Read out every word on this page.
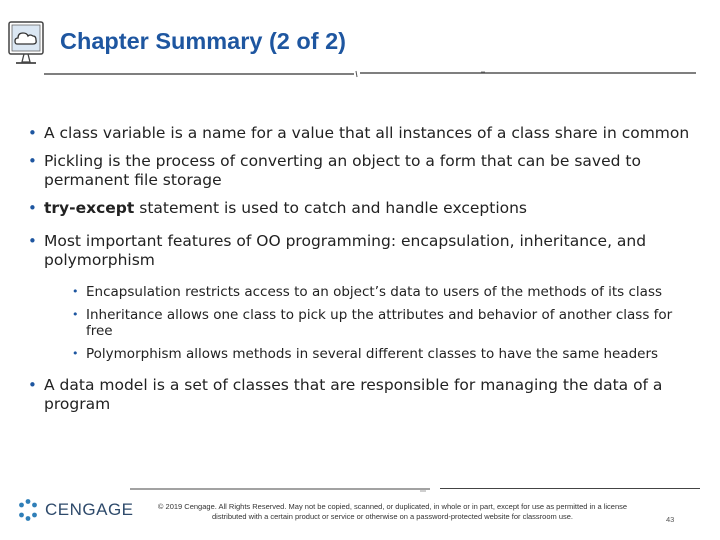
Chapter Summary (2 of 2)
• A class variable is a name for a value that all instances of a class share in common
• Pickling is the process of converting an object to a form that can be saved to permanent file storage
• try-except statement is used to catch and handle exceptions
• Most important features of OO programming: encapsulation, inheritance, and polymorphism
• Encapsulation restricts access to an object’s data to users of the methods of its class
• Inheritance allows one class to pick up the attributes and behavior of another class for free
• Polymorphism allows methods in several different classes to have the same headers
• A data model is a set of classes that are responsible for managing the data of a program
CENGAGE	© 2019 Cengage. All Rights Reserved. May not be copied, scanned, or duplicated, in whole or in part, except for use as permitted in a license distributed with a certain product or service or otherwise on a password-protected website for classroom use.	43
